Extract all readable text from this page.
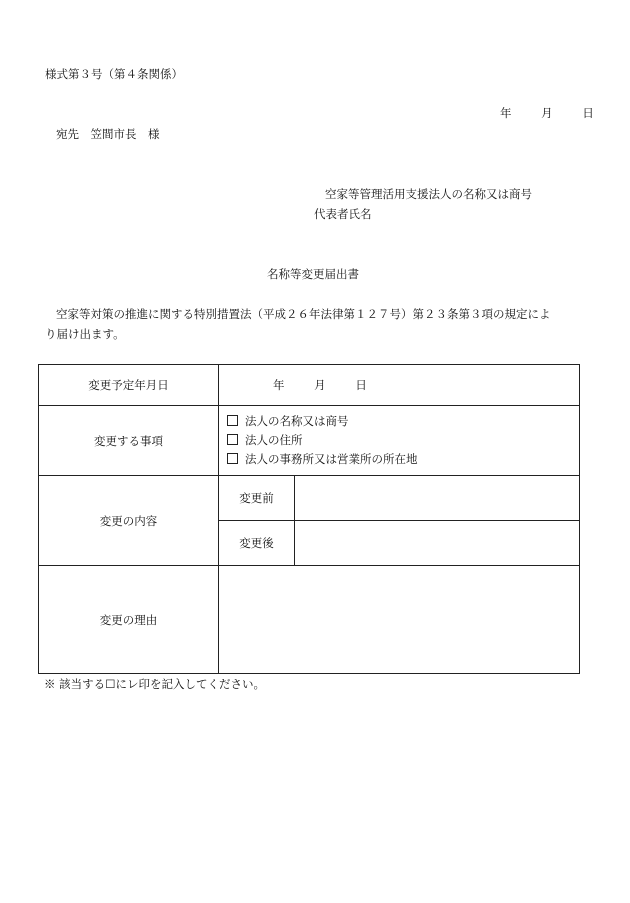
様式第３号（第４条関係）
年	月	日
宛先　笠間市長　様
空家等管理活用支援法人の名称又は商号
代表者氏名
名称等変更届出書
空家等対策の推進に関する特別措置法（平成２６年法律第１２７号）第２３条第３項の規定によ
り届け出ます。
変更予定年月日	年 月 日	
変更する事項	法人の名称又は商号
法人の住所
法人の事務所又は営業所の所在地	

変更の内容	変更前	
	変更後	
変更の理由		
※ 該当する☐にレ印を記入してください。
